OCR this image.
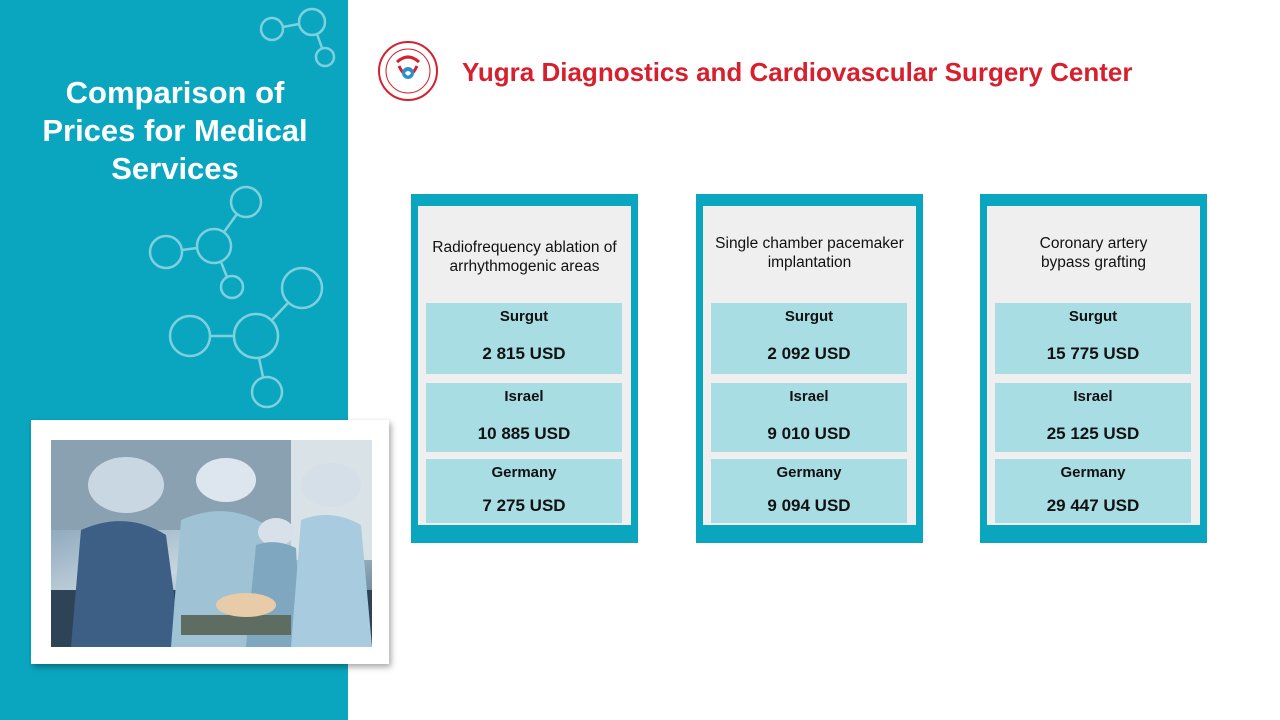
Comparison of Prices for Medical Services
Yugra Diagnostics and Cardiovascular Surgery Center
Radiofrequency ablation of arrhythmogenic areas
Surgut
2 815 USD
Israel
10 885 USD
Germany
7 275 USD
Single chamber pacemaker implantation
Surgut
2 092 USD
Israel
9 010 USD
Germany
9 094 USD
Coronary artery bypass grafting
Surgut
15 775 USD
Israel
25 125 USD
Germany
29 447 USD
